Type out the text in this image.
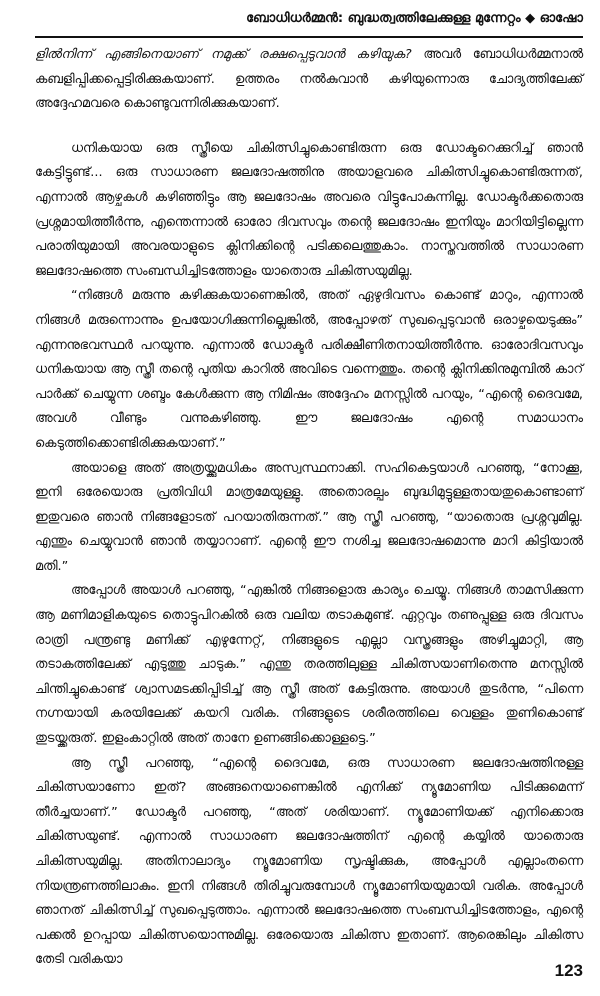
ബോധിധർമ്മൻ: ബുദ്ധത്വത്തിലേക്കുള്ള മുന്നേറ്റം ◆ ഓഷോ

ളിൽനിന്ന് എങ്ങിനെയാണ് നമുക്ക് രക്ഷപ്പെടുവാൻ കഴിയുക? അവർ ബോധിധർമ്മനാൽ കബളിപ്പിക്കപ്പെട്ടിരിക്കുകയാണ്. ഉത്തരം നൽകുവാൻ കഴിയുന്നൊരു ചോദ്യത്തിലേക്ക് അദ്ദേഹമവരെ കൊണ്ടുവന്നിരിക്കുകയാണ്.

ധനികയായ ഒരു സ്ത്രീയെ ചികിത്സിച്ചുകൊണ്ടിരുന്ന ഒരു ഡോക്ടറെക്കുറിച്ച് ഞാൻ കേട്ടിട്ടുണ്ട്... ഒരു സാധാരണ ജലദോഷത്തിനു അയാളവരെ ചികിത്സിച്ചുകൊണ്ടിരുന്നത്, എന്നാൽ ആഴ്ചകൾ കഴിഞ്ഞിട്ടും ആ ജലദോഷം അവരെ വിട്ടുപോകുന്നില്ല. ഡോക്ടർക്കതൊരു പ്രശ്നമായിത്തീർന്നു, എന്തെന്നാൽ ഓരോ ദിവസവും തന്റെ ജലദോഷം ഇനിയും മാറിയിട്ടില്ലെന്ന പരാതിയുമായി അവരയാളുടെ ക്ലിനിക്കിന്റെ പടിക്കലെത്തുകാം. നാസ്തവത്തിൽ സാധാരണ ജലദോഷത്തെ സംബന്ധിച്ചിടത്തോളം യാതൊരു ചികിത്സയുമില്ല.

“നിങ്ങൾ മരുന്നു കഴിക്കുകയാണെങ്കിൽ, അത് ഏഴുദിവസം കൊണ്ട് മാറും, എന്നാൽ നിങ്ങൾ മരുന്നൊന്നും ഉപയോഗിക്കുന്നില്ലെങ്കിൽ, അപ്പോഴത് സുഖപ്പെടുവാൻ ഒരാഴ്ചയെടുക്കും” എന്നനുഭവസ്ഥർ പറയുന്നു. എന്നാൽ ഡോക്ടർ പരിക്ഷീണിതനായിത്തീർന്നു. ഓരോദിവസവും ധനികയായ ആ സ്ത്രീ തന്റെ പുതിയ കാറിൽ അവിടെ വന്നെത്തും. തന്റെ ക്ലിനിക്കിനുമുമ്പിൽ കാറ് പാർക്ക് ചെയ്യുന്ന ശബ്ദം കേൾക്കുന്ന ആ നിമിഷം അദ്ദേഹം മനസ്സിൽ പറയും, “എന്റെ ദൈവമേ, അവൾ വീണ്ടും വന്നുകഴിഞ്ഞു. ഈ ജലദോഷം എന്റെ സമാധാനം കെടുത്തിക്കൊണ്ടിരിക്കുകയാണ്.”

അയാളെ അത് അത്രയ്ക്കുമധികം അസ്വസ്ഥനാക്കി. സഹികെട്ടയാൾ പറഞ്ഞു, “നോക്കൂ, ഇനി ഒരേയൊരു പ്രതിവിധി മാത്രമേയുള്ളു. അതൊരല്പം ബുദ്ധിമുട്ടുള്ളതായതുകൊണ്ടാണ് ഇതുവരെ ഞാൻ നിങ്ങളോടത് പറയാതിരുന്നത്.” ആ സ്ത്രീ പറഞ്ഞു, “യാതൊരു പ്രശ്നവുമില്ല. എന്തും ചെയ്യുവാൻ ഞാൻ തയ്യാറാണ്. എന്റെ ഈ നശിച്ച ജലദോഷമൊന്നു മാറി കിട്ടിയാൽ മതി.”

അപ്പോൾ അയാൾ പറഞ്ഞു, “എങ്കിൽ നിങ്ങളൊരു കാര്യം ചെയ്യൂ. നിങ്ങൾ താമസിക്കുന്ന ആ മണിമാളികയുടെ തൊട്ടുപിറകിൽ ഒരു വലിയ തടാകമുണ്ട്. ഏറ്റവും തണുപ്പുള്ള ഒരു ദിവസം രാത്രി പന്ത്രണ്ടു മണിക്ക് എഴുന്നേറ്റ്, നിങ്ങളുടെ എല്ലാ വസ്ത്രങ്ങളും അഴിച്ചുമാറ്റി, ആ തടാകത്തിലേക്ക് എടുത്തു ചാടുക.” എന്തു തരത്തിലുള്ള ചികിത്സയാണിതെന്നു മനസ്സിൽ ചിന്തിച്ചുകൊണ്ട് ശ്വാസമടക്കിപ്പിടിച്ച് ആ സ്ത്രീ അത് കേട്ടിരുന്നു. അയാൾ തുടർന്നു, “പിന്നെ നഗ്നയായി കരയിലേക്ക് കയറി വരിക. നിങ്ങളുടെ ശരീരത്തിലെ വെള്ളം തുണികൊണ്ട് തുടയ്ക്കരുത്. ഇളംകാറ്റിൽ അത് താനേ ഉണങ്ങിക്കൊള്ളട്ടെ.”

ആ സ്ത്രീ പറഞ്ഞു, “എന്റെ ദൈവമേ, ഒരു സാധാരണ ജലദോഷത്തിനുള്ള ചികിത്സയാണോ ഇത്? അങ്ങനെയാണെങ്കിൽ എനിക്ക് ന്യൂമോണിയ പിടിക്കുമെന്ന് തീർച്ചയാണ്.” ഡോക്ടർ പറഞ്ഞു, “അത് ശരിയാണ്. ന്യൂമോണിയക്ക് എനിക്കൊരു ചികിത്സയുണ്ട്. എന്നാൽ സാധാരണ ജലദോഷത്തിന് എന്റെ കയ്യിൽ യാതൊരു ചികിത്സയുമില്ല. അതിനാലാദ്യം ന്യൂമോണിയ സൃഷ്ടിക്കുക, അപ്പോൾ എല്ലാംതന്നെ നിയന്ത്രണത്തിലാകും. ഇനി നിങ്ങൾ തിരിച്ചുവരുമ്പോൾ ന്യൂമോണിയയുമായി വരിക. അപ്പോൾ ഞാനത് ചികിത്സിച്ച് സുഖപ്പെടുത്താം. എന്നാൽ ജലദോഷത്തെ സംബന്ധിച്ചിടത്തോളം, എന്റെ പക്കൽ ഉറപ്പായ ചികിത്സയൊന്നുമില്ല. ഒരേയൊരു ചികിത്സ ഇതാണ്. ആരെങ്കിലും ചികിത്സ തേടി വരികയാ

123
